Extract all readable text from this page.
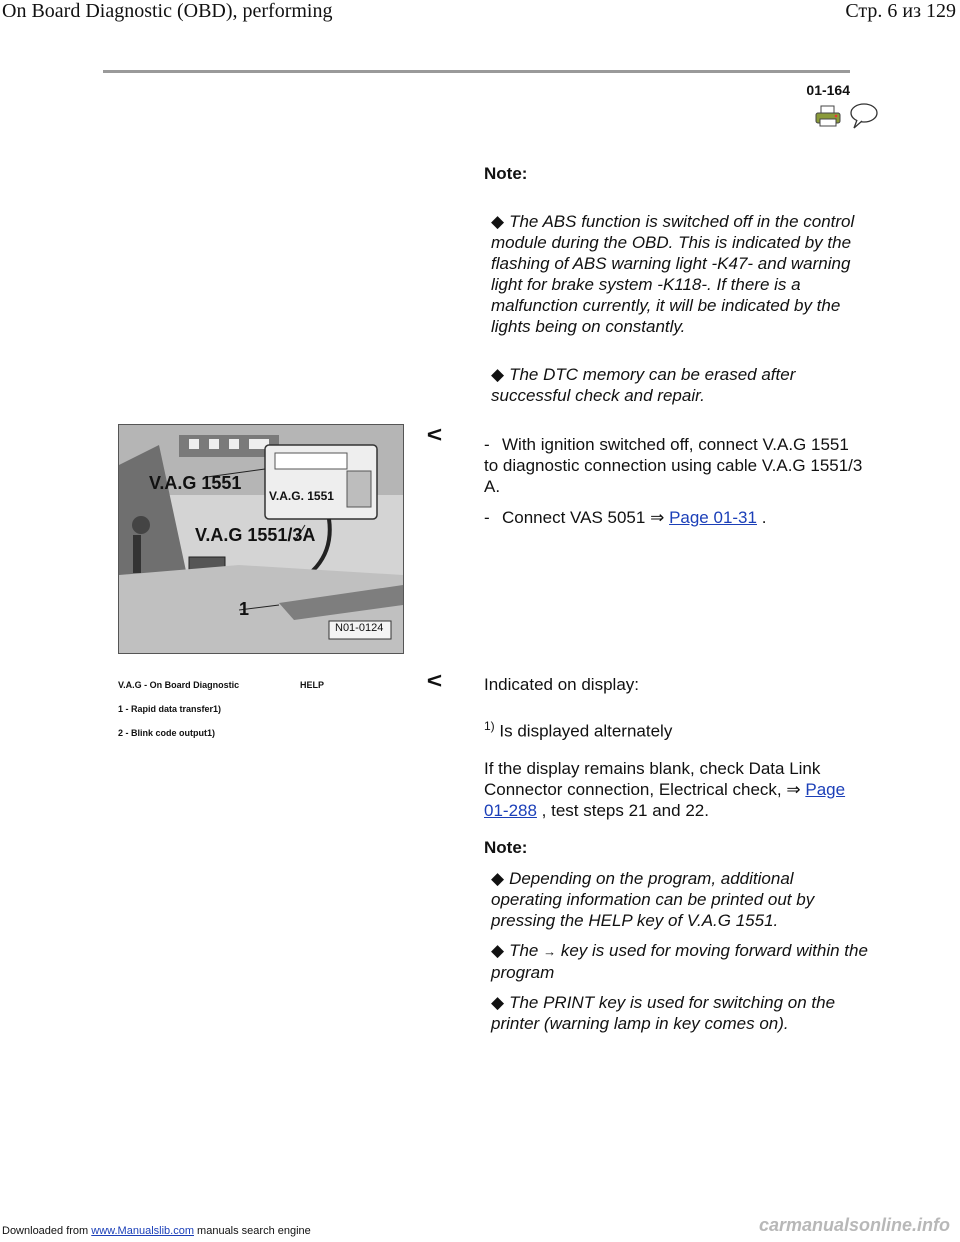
On Board Diagnostic (OBD), performing	Стр. 6 из 129
01-164
Note:
◆ The ABS function is switched off in the control module during the OBD. This is indicated by the flashing of ABS warning light -K47- and warning light for brake system -K118-. If there is a malfunction currently, it will be indicated by the lights being on constantly.
◆ The DTC memory can be erased after successful check and repair.
V.A.G 1551
V.A.G. 1551
V.A.G 1551/3A
1
N01-0124
<
<
- With ignition switched off, connect V.A.G 1551 to diagnostic connection using cable V.A.G 1551/3 A.
- Connect VAS 5051 ⇒ Page 01-31 .
V.A.G - On Board Diagnostic	HELP
1 - Rapid data transfer1)
2 - Blink code output1)
Indicated on display:
$^{1)}$ Is displayed alternately
If the display remains blank, check Data Link Connector connection, Electrical check, ⇒ Page 01-288 , test steps 21 and 22.
Note:
◆ Depending on the program, additional operating information can be printed out by pressing the HELP key of V.A.G 1551.
◆ The → key is used for moving forward within the program
◆ The PRINT key is used for switching on the printer (warning lamp in key comes on).
Downloaded from www.Manualslib.com manuals search engine	carmanualsonline.info
